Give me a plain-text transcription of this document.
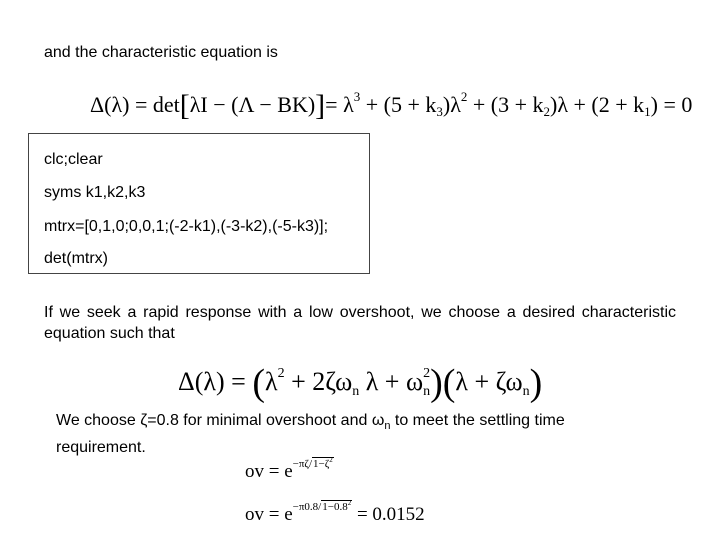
and the characteristic equation is
$\Delta(\lambda) = \det[\lambda I - (\Lambda - BK)]= \lambda^3 + (5 + k_3)\lambda^2 + (3 + k_2)\lambda + (2 + k_1) = 0$
clc;clear
syms k1,k2,k3
mtrx=[0,1,0;0,0,1;(-2-k1),(-3-k2),(-5-k3)];
det(mtrx)
If we seek a rapid response with a low overshoot, we choose a desired characteristic equation such that
$\Delta(\lambda) = (\lambda^2 + 2\zeta\omega_n$ $\lambda + \omega^2_n)(\lambda + \zeta\omega_n)$
We choose ζ=0.8 for minimal overshoot and $\omega_n$ to meet the settling time requirement.
ov = $e-\pi\zeta/1-\zeta^2$
ov = $e-\pi 0.8/1-0.8^2 = 0.0152$
